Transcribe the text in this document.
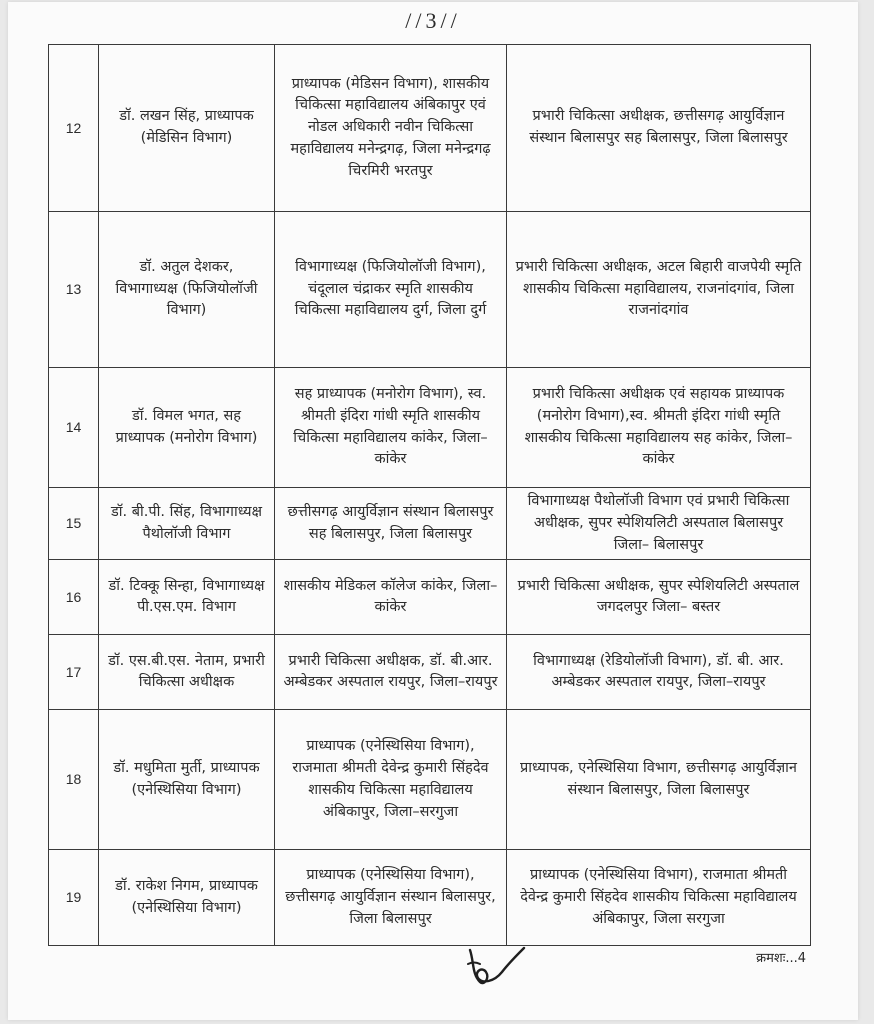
//3//
12	डॉ. लखन सिंह, प्राध्यापक (मेडिसिन विभाग)	प्राध्यापक (मेडिसन विभाग), शासकीय चिकित्सा महाविद्यालय अंबिकापुर एवं नोडल अधिकारी नवीन चिकित्सा महाविद्यालय मनेन्द्रगढ़, जिला मनेन्द्रगढ़ चिरमिरी भरतपुर	प्रभारी चिकित्सा अधीक्षक, छत्तीसगढ़ आयुर्विज्ञान संस्थान बिलासपुर सह बिलासपुर, जिला बिलासपुर
13	डॉ. अतुल देशकर, विभागाध्यक्ष (फिजियोलॉजी विभाग)	विभागाध्यक्ष (फिजियोलॉजी विभाग), चंदूलाल चंद्राकर स्मृति शासकीय चिकित्सा महाविद्यालय दुर्ग, जिला दुर्ग	प्रभारी चिकित्सा अधीक्षक, अटल बिहारी वाजपेयी स्मृति शासकीय चिकित्सा महाविद्यालय, राजनांदगांव, जिला राजनांदगांव
14	डॉ. विमल भगत, सह प्राध्यापक (मनोरोग विभाग)	सह प्राध्यापक (मनोरोग विभाग), स्व. श्रीमती इंदिरा गांधी स्मृति शासकीय चिकित्सा महाविद्यालय कांकेर, जिला–कांकेर	प्रभारी चिकित्सा अधीक्षक एवं सहायक प्राध्यापक (मनोरोग विभाग),स्व. श्रीमती इंदिरा गांधी स्मृति शासकीय चिकित्सा महाविद्यालय सह कांकेर, जिला–कांकेर
15	डॉ. बी.पी. सिंह, विभागाध्यक्ष पैथोलॉजी विभाग	छत्तीसगढ़ आयुर्विज्ञान संस्थान बिलासपुर सह बिलासपुर, जिला बिलासपुर	विभागाध्यक्ष पैथोलॉजी विभाग एवं प्रभारी चिकित्सा अधीक्षक, सुपर स्पेशियलिटी अस्पताल बिलासपुर जिला– बिलासपुर
16	डॉ. टिक्कू सिन्हा, विभागाध्यक्ष पी.एस.एम. विभाग	शासकीय मेडिकल कॉलेज कांकेर, जिला–कांकेर	प्रभारी चिकित्सा अधीक्षक, सुपर स्पेशियलिटी अस्पताल जगदलपुर जिला– बस्तर
17	डॉ. एस.बी.एस. नेताम, प्रभारी चिकित्सा अधीक्षक	प्रभारी चिकित्सा अधीक्षक, डॉ. बी.आर. अम्बेडकर अस्पताल रायपुर, जिला–रायपुर	विभागाध्यक्ष (रेडियोलॉजी विभाग), डॉ. बी. आर. अम्बेडकर अस्पताल रायपुर, जिला–रायपुर
18	डॉ. मधुमिता मुर्ती, प्राध्यापक (एनेस्थिसिया विभाग)	प्राध्यापक (एनेस्थिसिया विभाग), राजमाता श्रीमती देवेन्द्र कुमारी सिंहदेव शासकीय चिकित्सा महाविद्यालय अंबिकापुर, जिला–सरगुजा	प्राध्यापक, एनेस्थिसिया विभाग, छत्तीसगढ़ आयुर्विज्ञान संस्थान बिलासपुर, जिला बिलासपुर
19	डॉ. राकेश निगम, प्राध्यापक (एनेस्थिसिया विभाग)	प्राध्यापक (एनेस्थिसिया विभाग), छत्तीसगढ़ आयुर्विज्ञान संस्थान बिलासपुर, जिला बिलासपुर	प्राध्यापक (एनेस्थिसिया विभाग), राजमाता श्रीमती देवेन्द्र कुमारी सिंहदेव शासकीय चिकित्सा महाविद्यालय अंबिकापुर, जिला सरगुजा
क्रमशः...4
